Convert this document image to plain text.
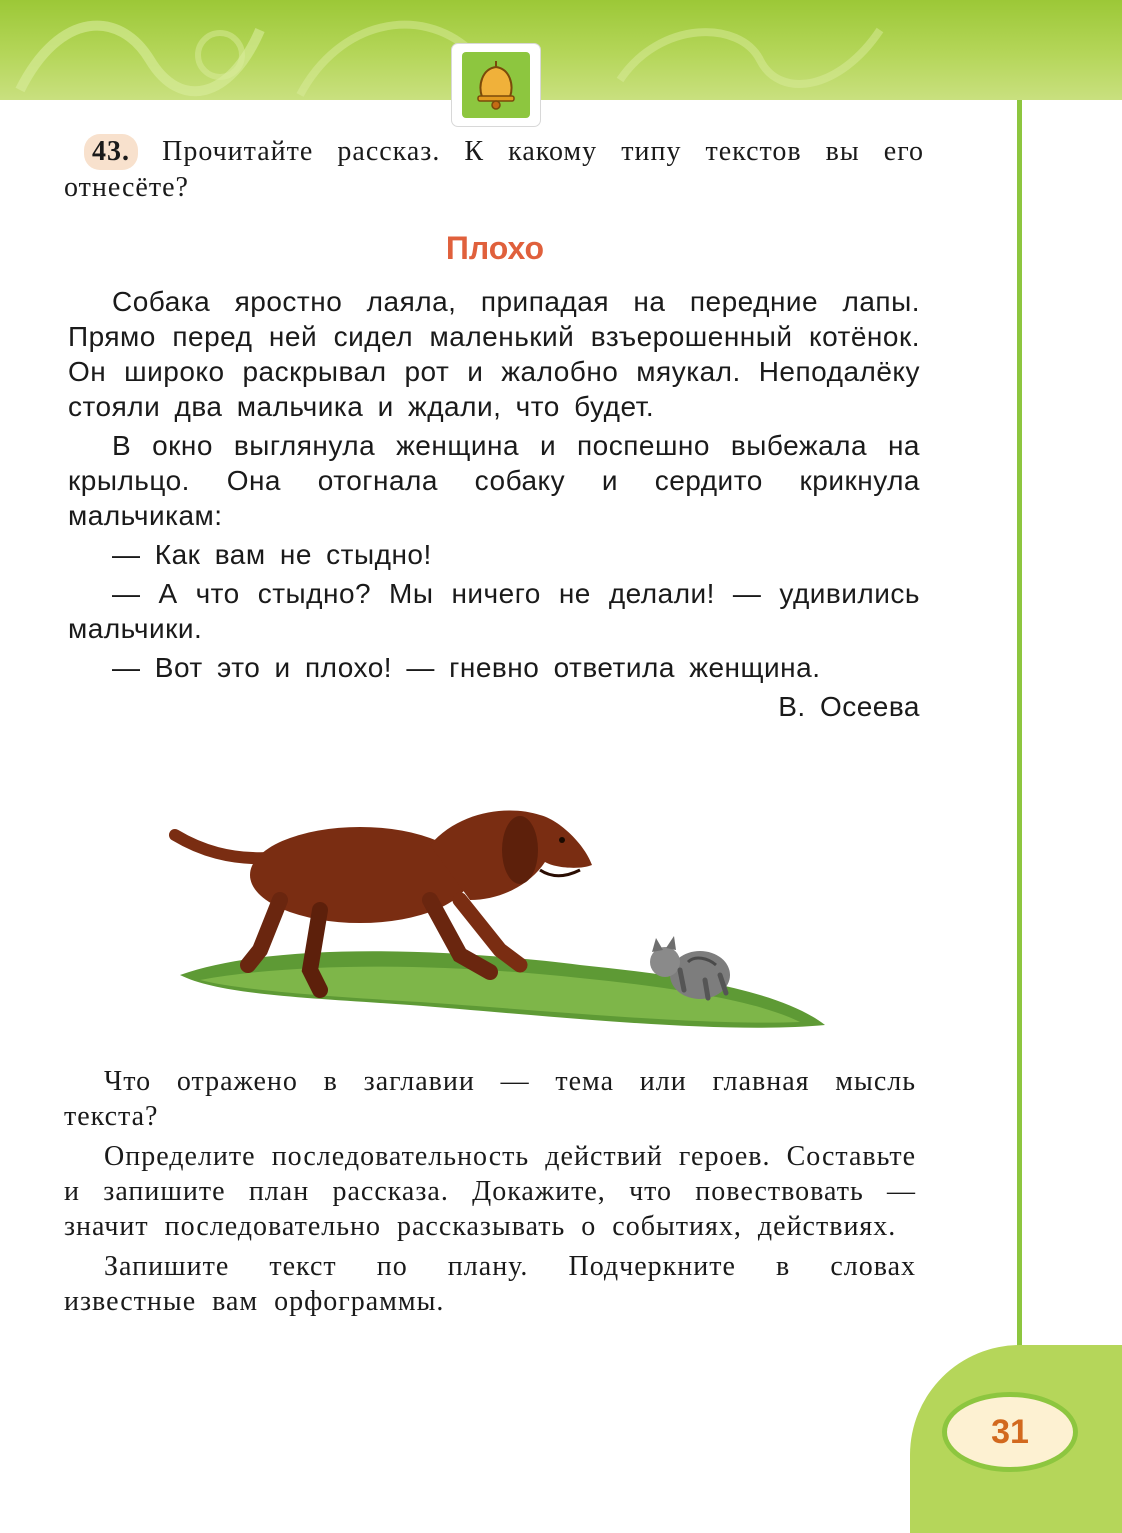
43. Прочитайте рассказ. К какому типу текстов вы его отнесёте?
Плохо

Собака яростно лаяла, припадая на передние лапы. Прямо перед ней сидел маленький взъерошенный котёнок. Он широко раскрывал рот и жалобно мяукал. Неподалёку стояли два мальчика и ждали, что будет.

В окно выглянула женщина и поспешно выбежала на крыльцо. Она отогнала собаку и сердито крикнула мальчикам:

— Как вам не стыдно!

— А что стыдно? Мы ничего не делали! — удивились мальчики.

— Вот это и плохо! — гневно ответила женщина.

В. Осеева

Что отражено в заглавии — тема или главная мысль текста?

Определите последовательность действий героев. Составьте и запишите план рассказа. Докажите, что повествовать — значит последовательно рассказывать о событиях, действиях.

Запишите текст по плану. Подчеркните в словах известные вам орфограммы.

31
